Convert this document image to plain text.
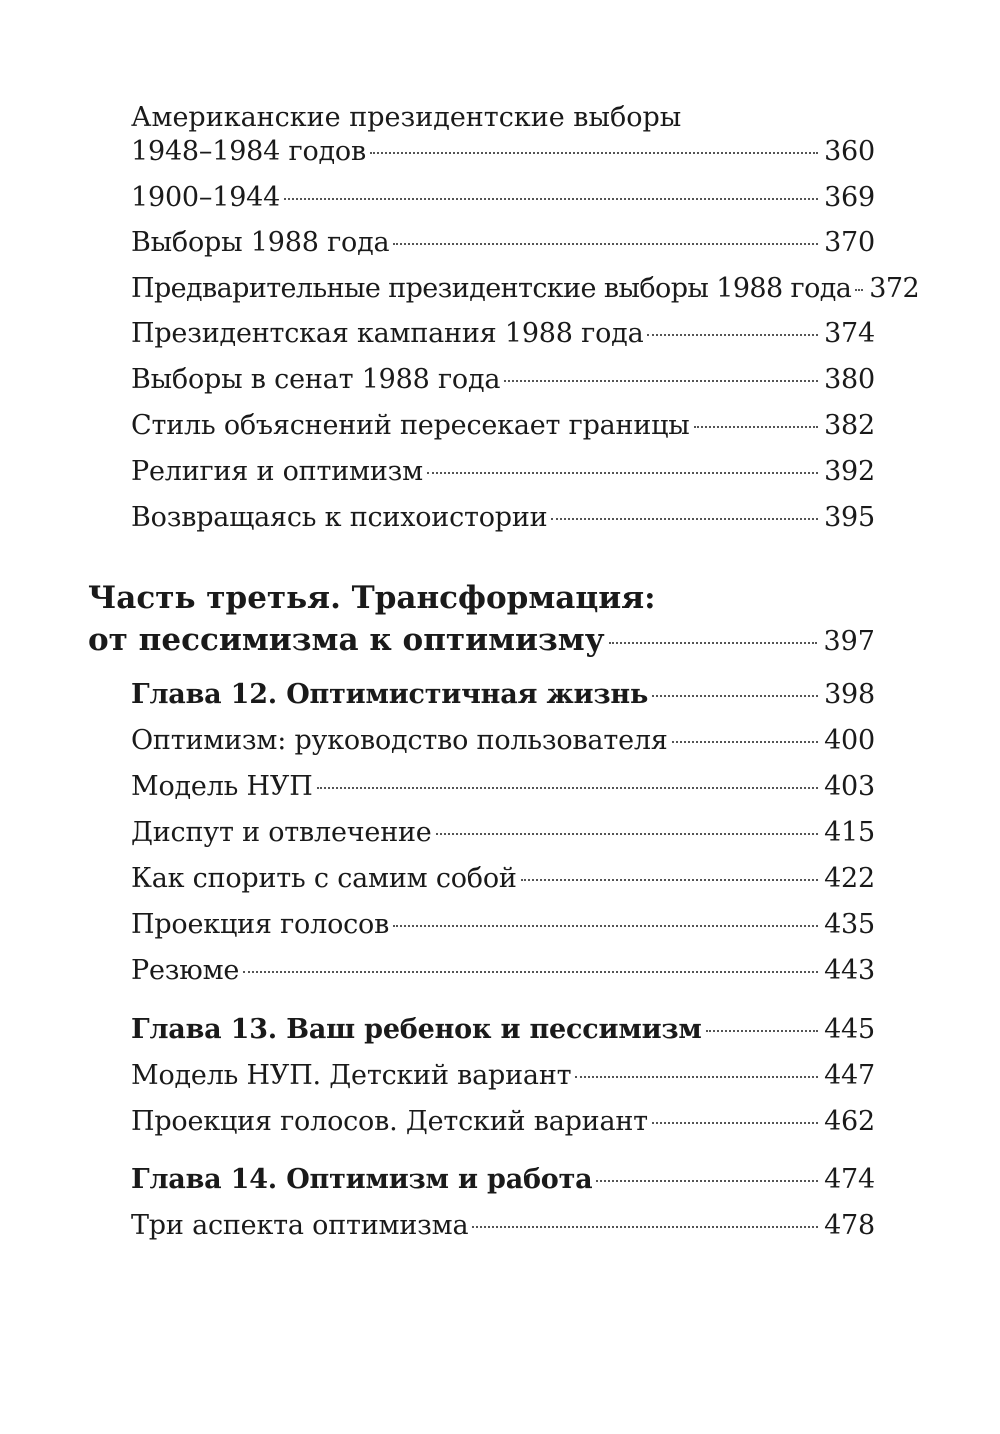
Американские президентские выборы
1948–1984 годов	360
1900–1944	369
Выборы 1988 года	370
Предварительные президентские выборы 1988 года 372
Президентская кампания 1988 года	374
Выборы в сенат 1988 года	380
Стиль объяснений пересекает границы	382
Религия и оптимизм	392
Возвращаясь к психоистории	395
Часть третья. Трансформация:
от пессимизма к оптимизму	397
Глава 12. Оптимистичная жизнь	398
Оптимизм: руководство пользователя	400
Модель НУП	403
Диспут и отвлечение	415
Как спорить с самим собой	422
Проекция голосов	435
Резюме	443
Глава 13. Ваш ребенок и пессимизм	445
Модель НУП. Детский вариант	447
Проекция голосов. Детский вариант	462
Глава 14. Оптимизм и работа	474
Три аспекта оптимизма	478
